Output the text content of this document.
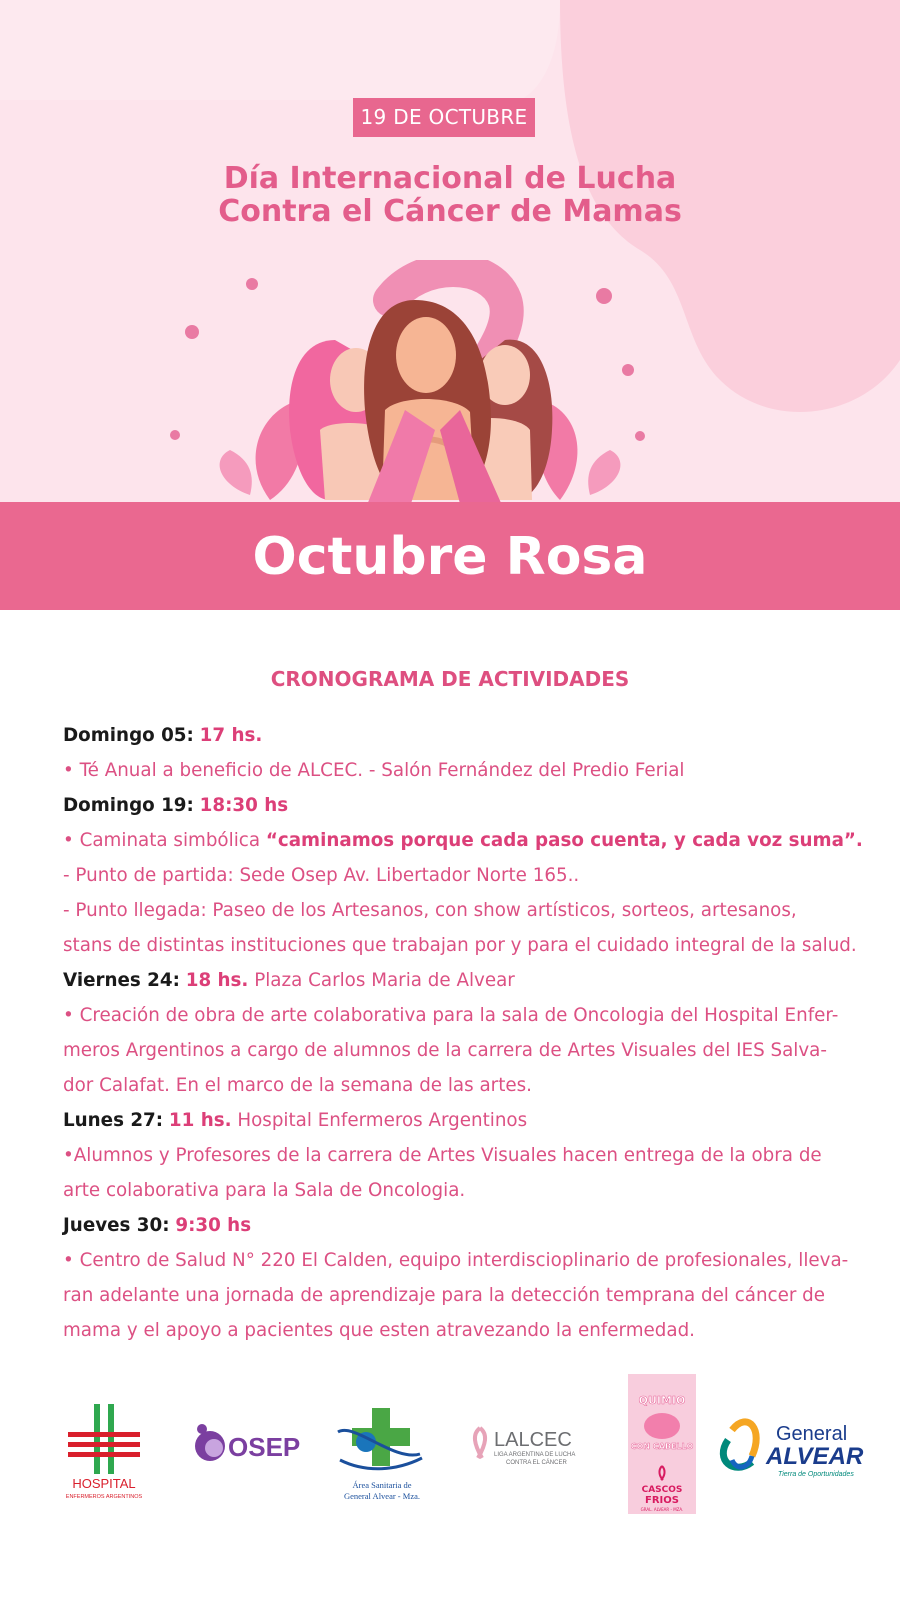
19 DE OCTUBRE
Día Internacional de Lucha
Contra el Cáncer de Mamas
Octubre Rosa
CRONOGRAMA DE ACTIVIDADES
Domingo 05: 17 hs.
• Té Anual a beneficio de ALCEC. - Salón Fernández del Predio Ferial
Domingo 19: 18:30 hs
• Caminata simbólica “caminamos porque cada paso cuenta, y cada voz suma”.
- Punto de partida: Sede Osep Av. Libertador Norte 165..
- Punto llegada: Paseo de los Artesanos, con show artísticos, sorteos, artesanos,
stans de distintas instituciones que trabajan por y para el cuidado integral de la salud.
Viernes 24: 18 hs. Plaza Carlos Maria de Alvear
• Creación de obra de arte colaborativa para la sala de Oncologia del Hospital Enfer-
meros Argentinos a cargo de alumnos de la carrera de Artes Visuales del IES Salva-
dor Calafat. En el marco de la semana de las artes.
Lunes 27: 11 hs. Hospital Enfermeros Argentinos
•Alumnos y Profesores de la carrera de Artes Visuales hacen entrega de la obra de
arte colaborativa para la Sala de Oncologia.
Jueves 30: 9:30 hs
• Centro de Salud N° 220 El Calden, equipo interdiscioplinario de profesionales, lleva-
ran adelante una jornada de aprendizaje para la detección temprana del cáncer de
mama y el apoyo a pacientes que esten atravezando la enfermedad.
HOSPITAL
ENFERMEROS ARGENTINOS
OSEP
Área Sanitaria de
General Alvear - Mza.
LALCEC
LIGA ARGENTINA DE LUCHA
CONTRA EL CÁNCER
QUIMIO
CON CABELLO
CASCOS
FRIOS
GRAL. ALVEAR - MZA.
General
ALVEAR
Tierra de Oportunidades
